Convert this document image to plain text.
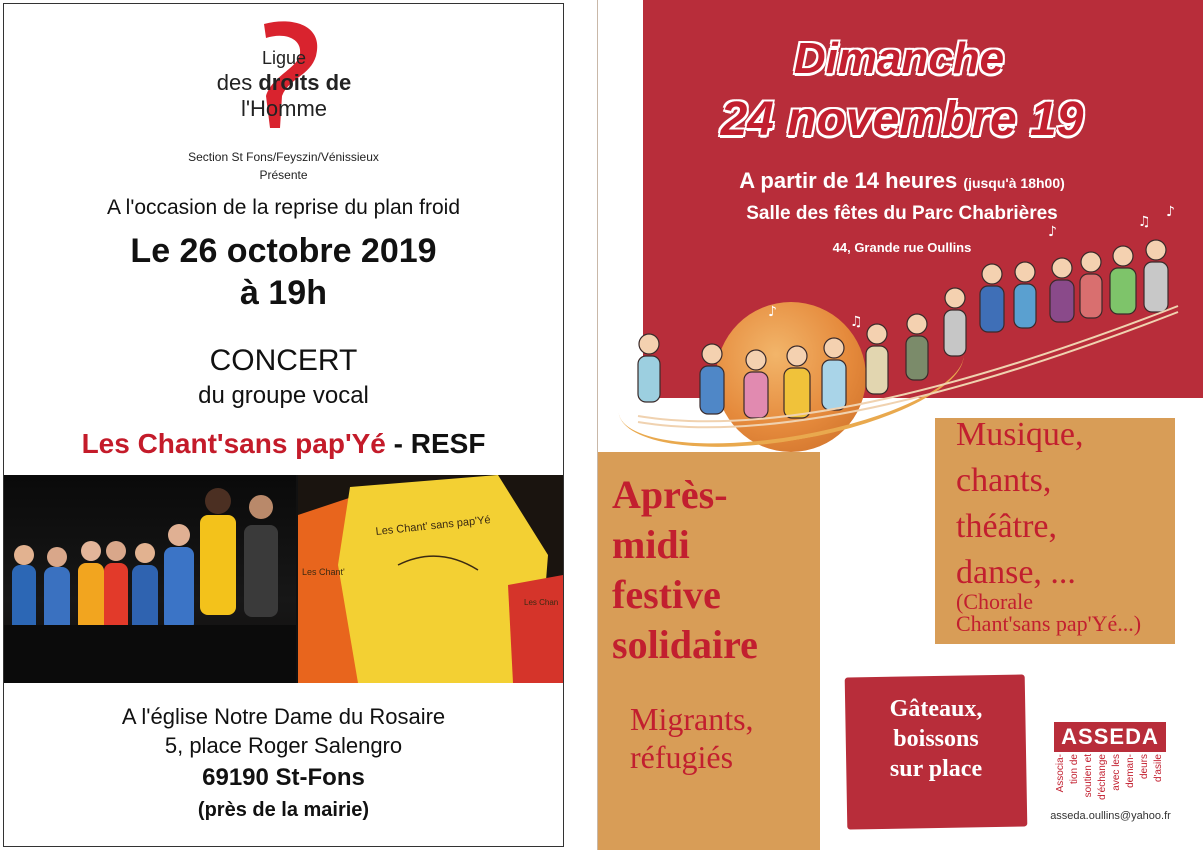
Ligue
des droits de
l'Homme
Section St Fons/Feyszin/Vénissieux
Présente
A l'occasion de la reprise du plan froid
Le 26 octobre 2019
à 19h
CONCERT
du groupe vocal
Les Chant'sans pap'Yé - RESF
Les Chant' sans pap'Yé
Les Chant'
Les Chan
A l'église Notre Dame du Rosaire
5, place Roger Salengro
69190 St-Fons
(près de la mairie)
Dimanche
24 novembre 19
A partir de 14 heures (jusqu'à 18h00)
Salle des fêtes du Parc Chabrières
44, Grande rue Oullins
♪
♫
♪
♫
♪
Après-
midi
festive
solidaire
Migrants,
réfugiés
Musique,
chants,
théâtre,
danse, ...
(Chorale
Chant'sans pap'Yé...)
Gâteaux,
boissons
sur place
ASSEDA
Associa- tion de soutien et d'échange avec les deman- deurs d'asile
asseda.oullins@yahoo.fr
